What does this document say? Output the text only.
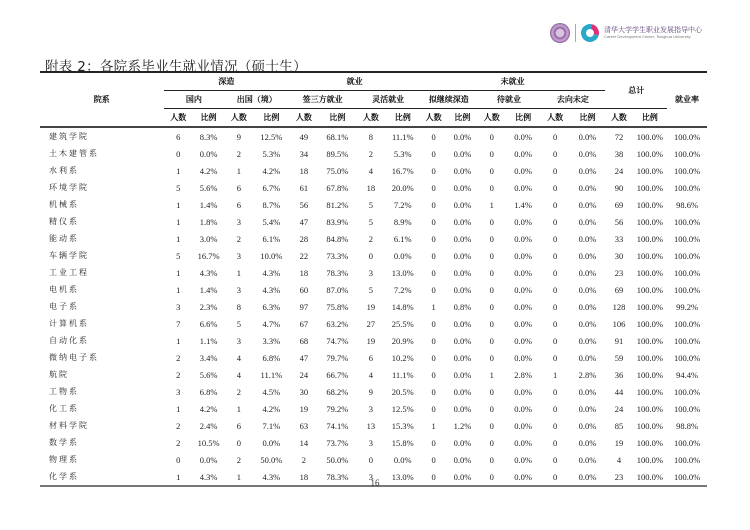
清华大学学生职业发展指导中心
Career Development Center, Tsinghua University
附表 2：各院系毕业生就业情况（硕士生）
院系	深造				就业				未就业						总计		就业率
	国内		出国（境）		签三方就业		灵活就业		拟继续深造		待就业		去向未定				
	人数	比例	人数	比例	人数	比例	人数	比例	人数	比例	人数	比例	人数	比例	人数	比例	
建筑学院	6	8.3%	9	12.5%	49	68.1%	8	11.1%	0	0.0%	0	0.0%	0	0.0%	72	100.0%	100.0%
土木建管系	0	0.0%	2	5.3%	34	89.5%	2	5.3%	0	0.0%	0	0.0%	0	0.0%	38	100.0%	100.0%
水利系	1	4.2%	1	4.2%	18	75.0%	4	16.7%	0	0.0%	0	0.0%	0	0.0%	24	100.0%	100.0%
环境学院	5	5.6%	6	6.7%	61	67.8%	18	20.0%	0	0.0%	0	0.0%	0	0.0%	90	100.0%	100.0%
机械系	1	1.4%	6	8.7%	56	81.2%	5	7.2%	0	0.0%	1	1.4%	0	0.0%	69	100.0%	98.6%
精仪系	1	1.8%	3	5.4%	47	83.9%	5	8.9%	0	0.0%	0	0.0%	0	0.0%	56	100.0%	100.0%
能动系	1	3.0%	2	6.1%	28	84.8%	2	6.1%	0	0.0%	0	0.0%	0	0.0%	33	100.0%	100.0%
车辆学院	5	16.7%	3	10.0%	22	73.3%	0	0.0%	0	0.0%	0	0.0%	0	0.0%	30	100.0%	100.0%
工业工程	1	4.3%	1	4.3%	18	78.3%	3	13.0%	0	0.0%	0	0.0%	0	0.0%	23	100.0%	100.0%
电机系	1	1.4%	3	4.3%	60	87.0%	5	7.2%	0	0.0%	0	0.0%	0	0.0%	69	100.0%	100.0%
电子系	3	2.3%	8	6.3%	97	75.8%	19	14.8%	1	0.8%	0	0.0%	0	0.0%	128	100.0%	99.2%
计算机系	7	6.6%	5	4.7%	67	63.2%	27	25.5%	0	0.0%	0	0.0%	0	0.0%	106	100.0%	100.0%
自动化系	1	1.1%	3	3.3%	68	74.7%	19	20.9%	0	0.0%	0	0.0%	0	0.0%	91	100.0%	100.0%
微纳电子系	2	3.4%	4	6.8%	47	79.7%	6	10.2%	0	0.0%	0	0.0%	0	0.0%	59	100.0%	100.0%
航院	2	5.6%	4	11.1%	24	66.7%	4	11.1%	0	0.0%	1	2.8%	1	2.8%	36	100.0%	94.4%
工物系	3	6.8%	2	4.5%	30	68.2%	9	20.5%	0	0.0%	0	0.0%	0	0.0%	44	100.0%	100.0%
化工系	1	4.2%	1	4.2%	19	79.2%	3	12.5%	0	0.0%	0	0.0%	0	0.0%	24	100.0%	100.0%
材料学院	2	2.4%	6	7.1%	63	74.1%	13	15.3%	1	1.2%	0	0.0%	0	0.0%	85	100.0%	98.8%
数学系	2	10.5%	0	0.0%	14	73.7%	3	15.8%	0	0.0%	0	0.0%	0	0.0%	19	100.0%	100.0%
物理系	0	0.0%	2	50.0%	2	50.0%	0	0.0%	0	0.0%	0	0.0%	0	0.0%	4	100.0%	100.0%
化学系	1	4.3%	1	4.3%	18	78.3%	3	13.0%	0	0.0%	0	0.0%	0	0.0%	23	100.0%	100.0%
16
